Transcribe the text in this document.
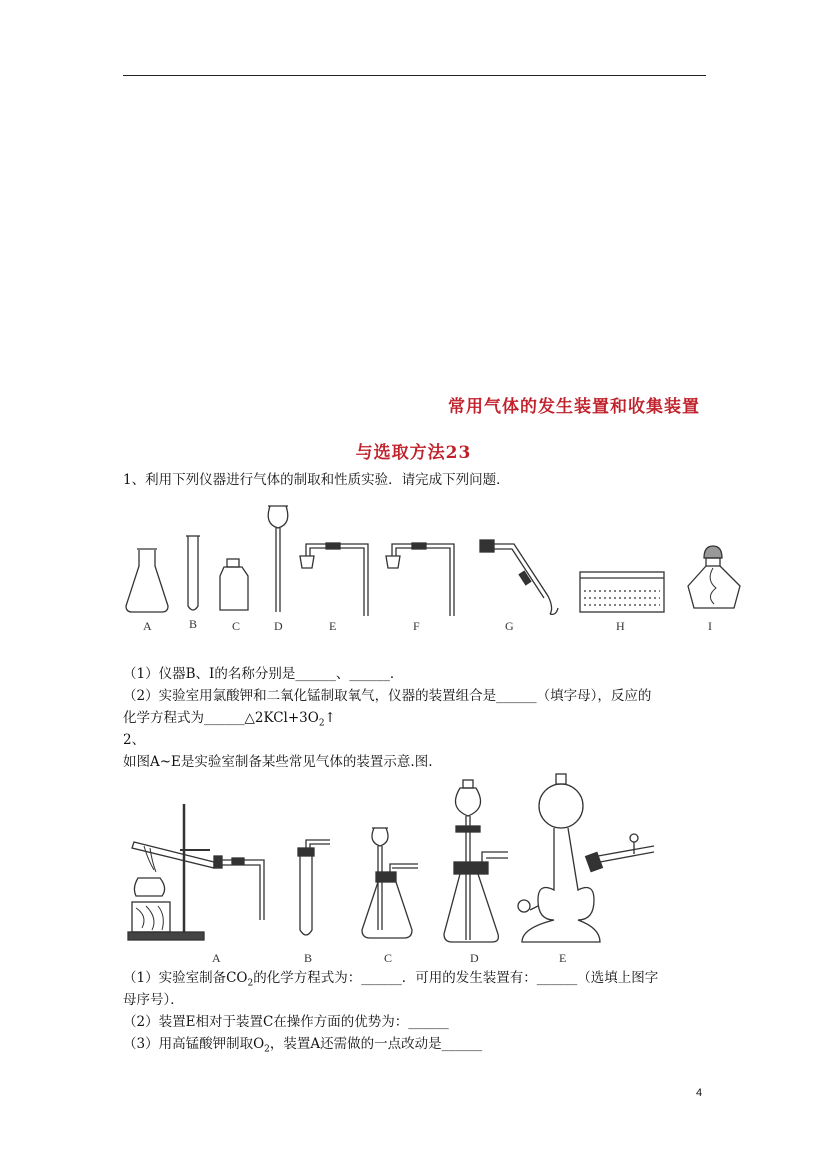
常用气体的发生装置和收集装置
与选取方法23
1、利用下列仪器进行气体的制取和性质实验．请完成下列问题．
A	B	C	D	E	F	G	H	I
（1）仪器B、I的名称分别是______、______．
（2）实验室用氯酸钾和二氧化锰制取氧气，仪器的装置组合是______（填字母），反应的
化学方程式为$\_\_\_\_\_\_\triangle 2KCl+3O_2↑$
2、
如图A~E是实验室制备某些常见气体的装置示意.图.
A	B	C	D	E
（1）实验室制备$CO_2$的化学方程式为：______．可用的发生装置有：______（选填上图字
母序号）．
（2）装置E相对于装置C在操作方面的优势为：______
（3）用高锰酸钾制取$O_2$，装置A还需做的一点改动是______
4
